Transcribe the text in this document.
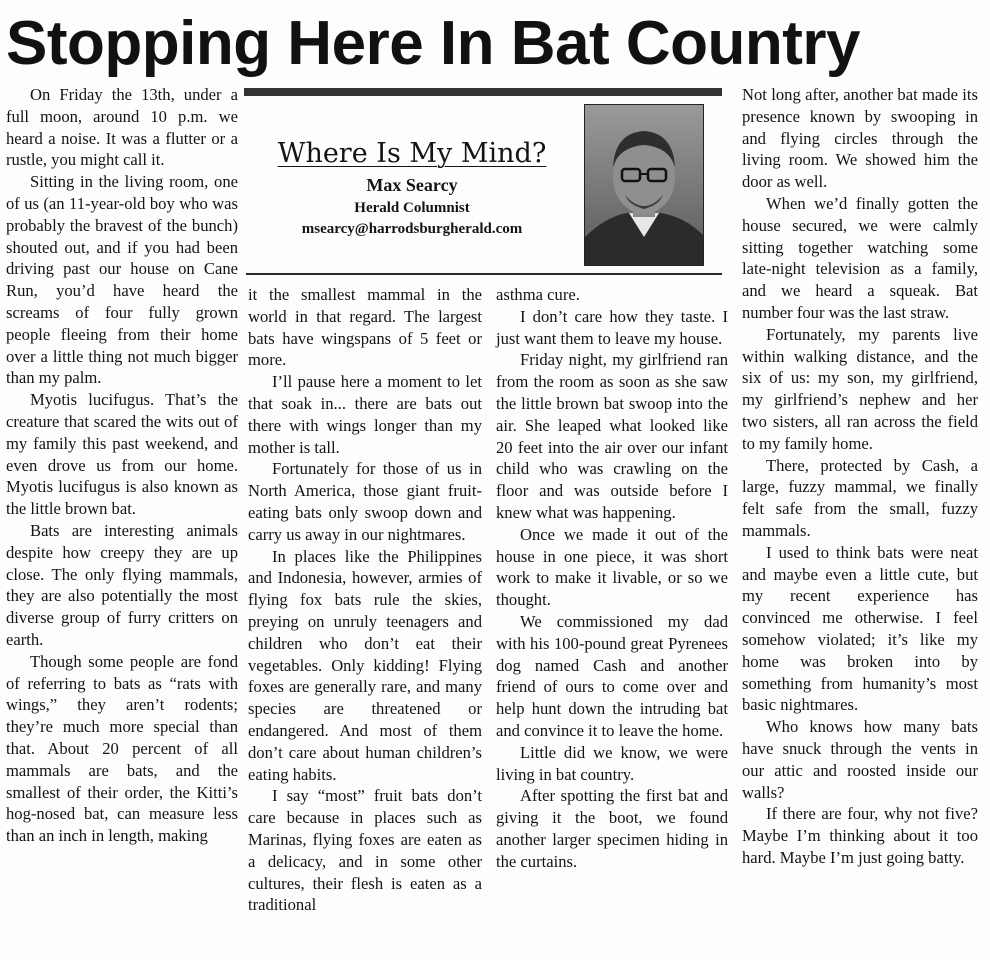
Stopping Here In Bat Country

On Friday the 13th, under a full moon, around 10 p.m. we heard a noise. It was a flutter or a rustle, you might call it.

Sitting in the living room, one of us (an 11-year-old boy who was probably the bravest of the bunch) shouted out, and if you had been driving past our house on Cane Run, you’d have heard the screams of four fully grown people fleeing from their home over a little thing not much bigger than my palm.

Myotis lucifugus. That’s the creature that scared the wits out of my family this past weekend, and even drove us from our home. Myotis lucifugus is also known as the little brown bat.

Bats are interesting animals despite how creepy they are up close. The only flying mammals, they are also potentially the most diverse group of furry critters on earth.

Though some people are fond of referring to bats as “rats with wings,” they aren’t rodents; they’re much more special than that. About 20 percent of all mammals are bats, and the smallest of their order, the Kitti’s hog-nosed bat, can measure less than an inch in length, making

Where Is My Mind?
Max Searcy
Herald Columnist
msearcy@harrodsburgherald.com

it the smallest mammal in the world in that regard. The largest bats have wingspans of 5 feet or more.

I’ll pause here a moment to let that soak in... there are bats out there with wings longer than my mother is tall.

Fortunately for those of us in North America, those giant fruit-eating bats only swoop down and carry us away in our nightmares.

In places like the Philippines and Indonesia, however, armies of flying fox bats rule the skies, preying on unruly teenagers and children who don’t eat their vegetables. Only kidding! Flying foxes are generally rare, and many species are threatened or endangered. And most of them don’t care about human children’s eating habits.

I say “most” fruit bats don’t care because in places such as Marinas, flying foxes are eaten as a delicacy, and in some other cultures, their flesh is eaten as a traditional

asthma cure.

I don’t care how they taste. I just want them to leave my house.

Friday night, my girlfriend ran from the room as soon as she saw the little brown bat swoop into the air. She leaped what looked like 20 feet into the air over our infant child who was crawling on the floor and was outside before I knew what was happening.

Once we made it out of the house in one piece, it was short work to make it livable, or so we thought.

We commissioned my dad with his 100-pound great Pyrenees dog named Cash and another friend of ours to come over and help hunt down the intruding bat and convince it to leave the home.

Little did we know, we were living in bat country.

After spotting the first bat and giving it the boot, we found another larger specimen hiding in the curtains.

Not long after, another bat made its presence known by swooping in and flying circles through the living room. We showed him the door as well.

When we’d finally gotten the house secured, we were calmly sitting together watching some late-night television as a family, and we heard a squeak. Bat number four was the last straw.

Fortunately, my parents live within walking distance, and the six of us: my son, my girlfriend, my girlfriend’s nephew and her two sisters, all ran across the field to my family home.

There, protected by Cash, a large, fuzzy mammal, we finally felt safe from the small, fuzzy mammals.

I used to think bats were neat and maybe even a little cute, but my recent experience has convinced me otherwise. I feel somehow violated; it’s like my home was broken into by something from humanity’s most basic nightmares.

Who knows how many bats have snuck through the vents in our attic and roosted inside our walls?

If there are four, why not five? Maybe I’m thinking about it too hard. Maybe I’m just going batty.
